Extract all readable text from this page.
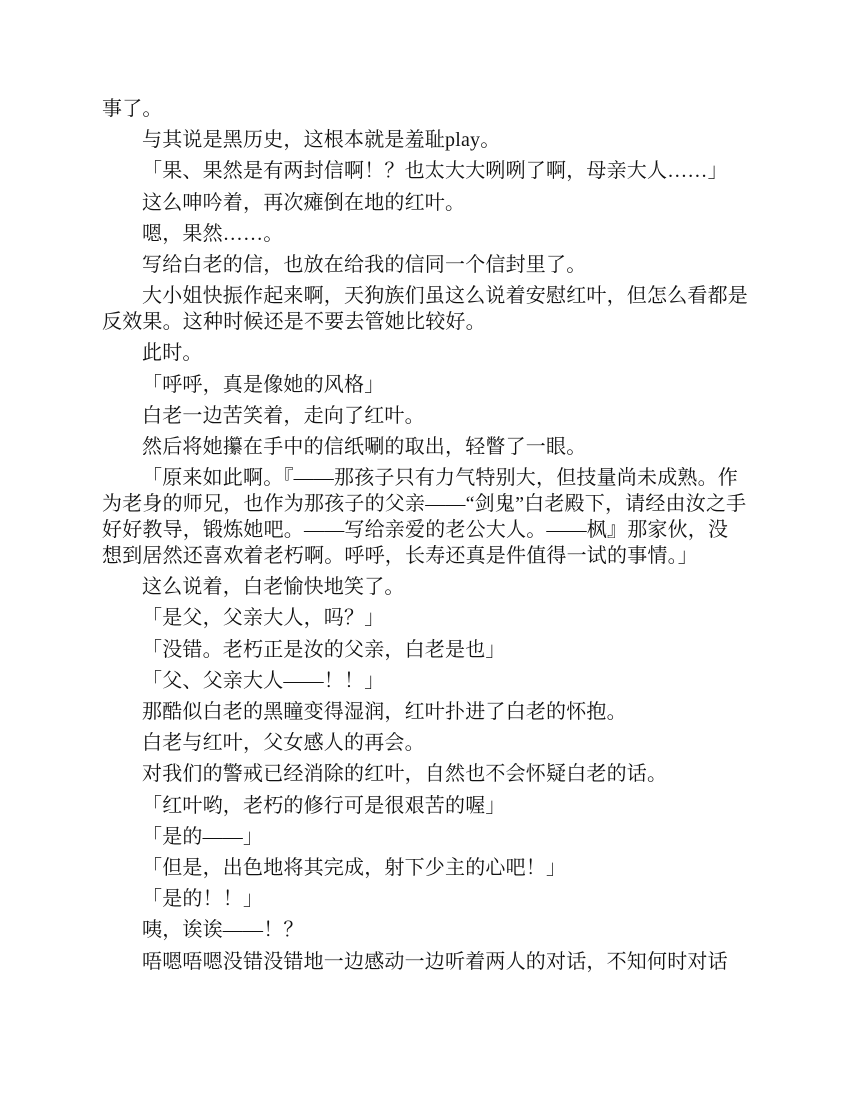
事了。

与其说是黑历史，这根本就是羞耻play。

「果、果然是有两封信啊！？也太大大咧咧了啊，母亲大人……」

这么呻吟着，再次瘫倒在地的红叶。

嗯，果然……。

写给白老的信，也放在给我的信同一个信封里了。

大小姐快振作起来啊，天狗族们虽这么说着安慰红叶，但怎么看都是反效果。这种时候还是不要去管她比较好。

此时。

「呼呼，真是像她的风格」

白老一边苦笑着，走向了红叶。

然后将她攥在手中的信纸唰的取出，轻瞥了一眼。

「原来如此啊。『——那孩子只有力气特别大，但技量尚未成熟。作为老身的师兄，也作为那孩子的父亲——“剑鬼”白老殿下，请经由汝之手好好教导，锻炼她吧。——写给亲爱的老公大人。——枫』那家伙，没想到居然还喜欢着老朽啊。呼呼，长寿还真是件值得一试的事情。」

这么说着，白老愉快地笑了。

「是父，父亲大人，吗？」

「没错。老朽正是汝的父亲，白老是也」

「父、父亲大人——！！」

那酷似白老的黑瞳变得湿润，红叶扑进了白老的怀抱。

白老与红叶，父女感人的再会。

对我们的警戒已经消除的红叶，自然也不会怀疑白老的话。

「红叶哟，老朽的修行可是很艰苦的喔」

「是的——」

「但是，出色地将其完成，射下少主的心吧！」

「是的！！」

咦，诶诶——！？

唔嗯唔嗯没错没错地一边感动一边听着两人的对话，不知何时对话
